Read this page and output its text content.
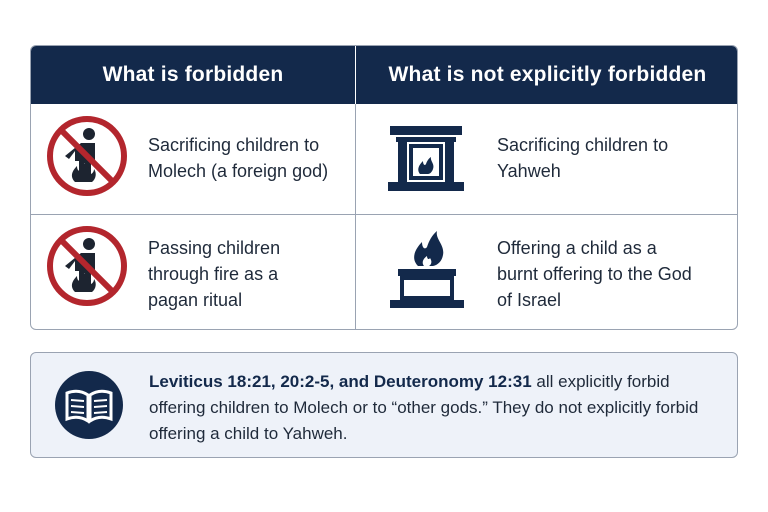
What is forbidden	What is not explicitly forbidden
Sacrificing children to Molech (a foreign god)
Sacrificing children to Yahweh
Passing children through fire as a pagan ritual
Offering a child as a burnt offering to the God of Israel
Leviticus 18:21, 20:2-5, and Deuteronomy 12:31 all explicitly forbid offering children to Molech or to “other gods.” They do not explicitly forbid offering a child to Yahweh.
